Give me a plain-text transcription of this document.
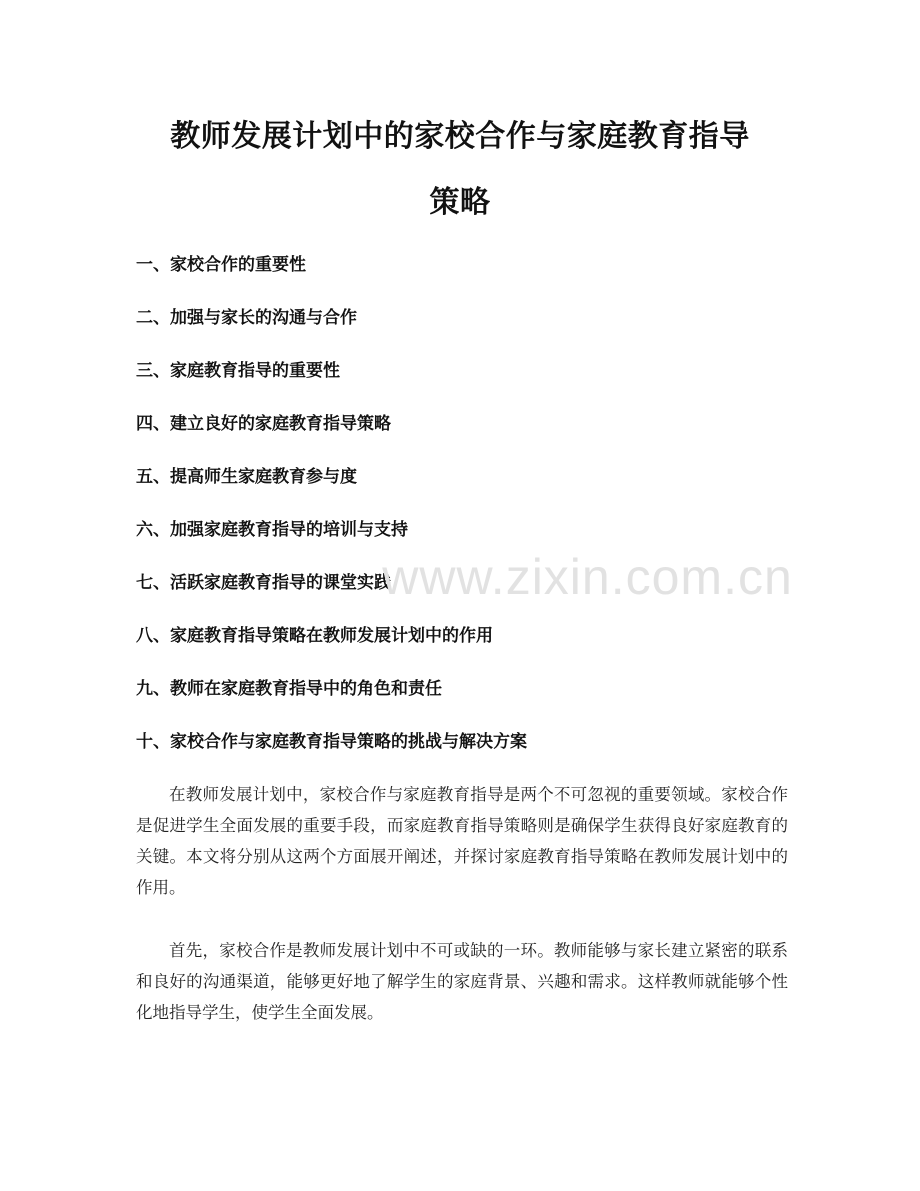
教师发展计划中的家校合作与家庭教育指导
策略
一、家校合作的重要性
二、加强与家长的沟通与合作
三、家庭教育指导的重要性
四、建立良好的家庭教育指导策略
五、提高师生家庭教育参与度
六、加强家庭教育指导的培训与支持
七、活跃家庭教育指导的课堂实践
八、家庭教育指导策略在教师发展计划中的作用
九、教师在家庭教育指导中的角色和责任
十、家校合作与家庭教育指导策略的挑战与解决方案
www.zixin.com.cn

在教师发展计划中，家校合作与家庭教育指导是两个不可忽视的重要领域。家校合作是促进学生全面发展的重要手段，而家庭教育指导策略则是确保学生获得良好家庭教育的关键。本文将分别从这两个方面展开阐述，并探讨家庭教育指导策略在教师发展计划中的作用。

首先，家校合作是教师发展计划中不可或缺的一环。教师能够与家长建立紧密的联系和良好的沟通渠道，能够更好地了解学生的家庭背景、兴趣和需求。这样教师就能够个性化地指导学生，使学生全面发展。
